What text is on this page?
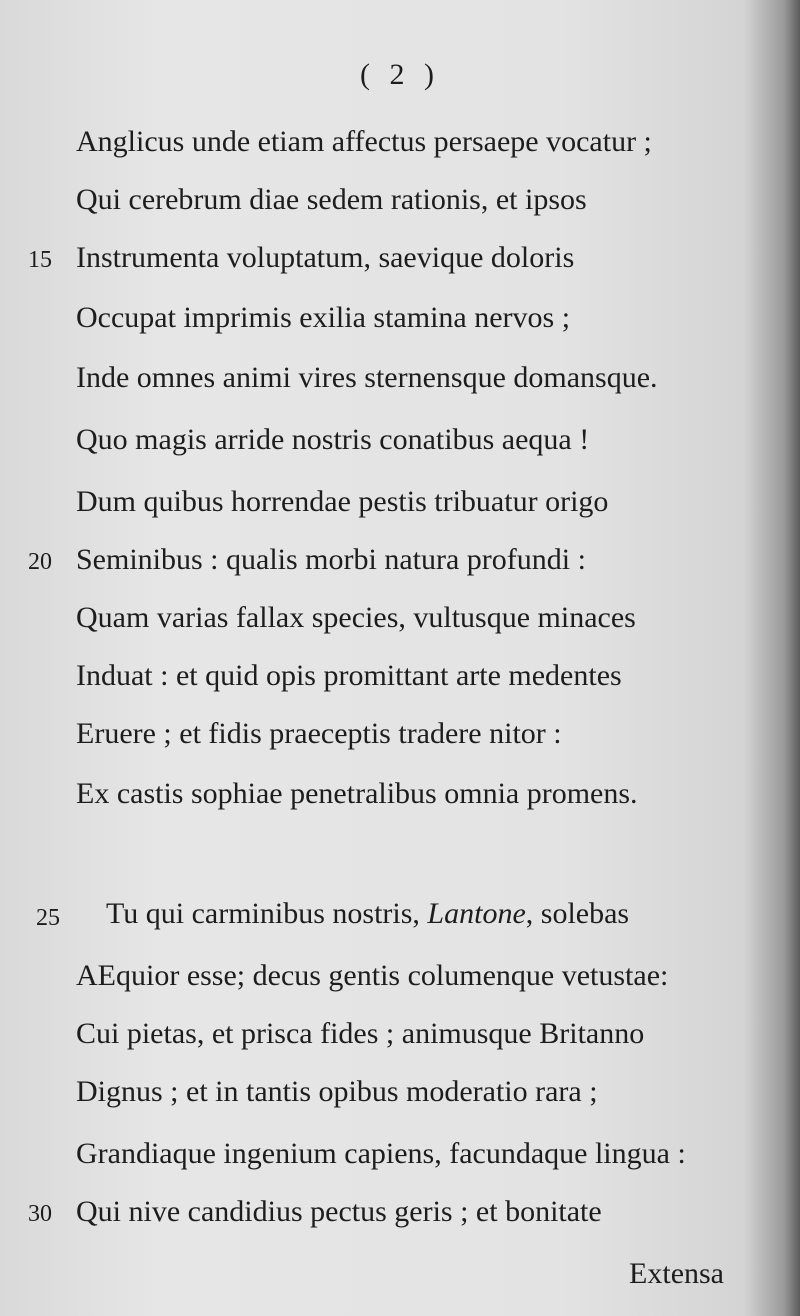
( 2 )
Anglicus unde etiam affectus persaepe vocatur ;
Qui cerebrum diae sedem rationis, et ipsos
15 Instrumenta voluptatum, saevique doloris
Occupat imprimis exilia stamina nervos ;
Inde omnes animi vires sternensque domansque.
Quo magis arride nostris conatibus aequa !
Dum quibus horrendae pestis tribuatur origo
20 Seminibus : qualis morbi natura profundi :
Quam varias fallax species, vultusque minaces
Induat : et quid opis promittant arte medentes
Eruere ; et fidis praeceptis tradere nitor :
Ex castis sophiae penetralibus omnia promens.
25 Tu qui carminibus nostris, Lantone, solebas
AEquior esse; decus gentis columenque vetustae:
Cui pietas, et prisca fides ; animusque Britanno
Dignus ; et in tantis opibus moderatio rara ;
Grandiaque ingenium capiens, facundaque lingua :
30 Qui nive candidius pectus geris ; et bonitate
Extensa
